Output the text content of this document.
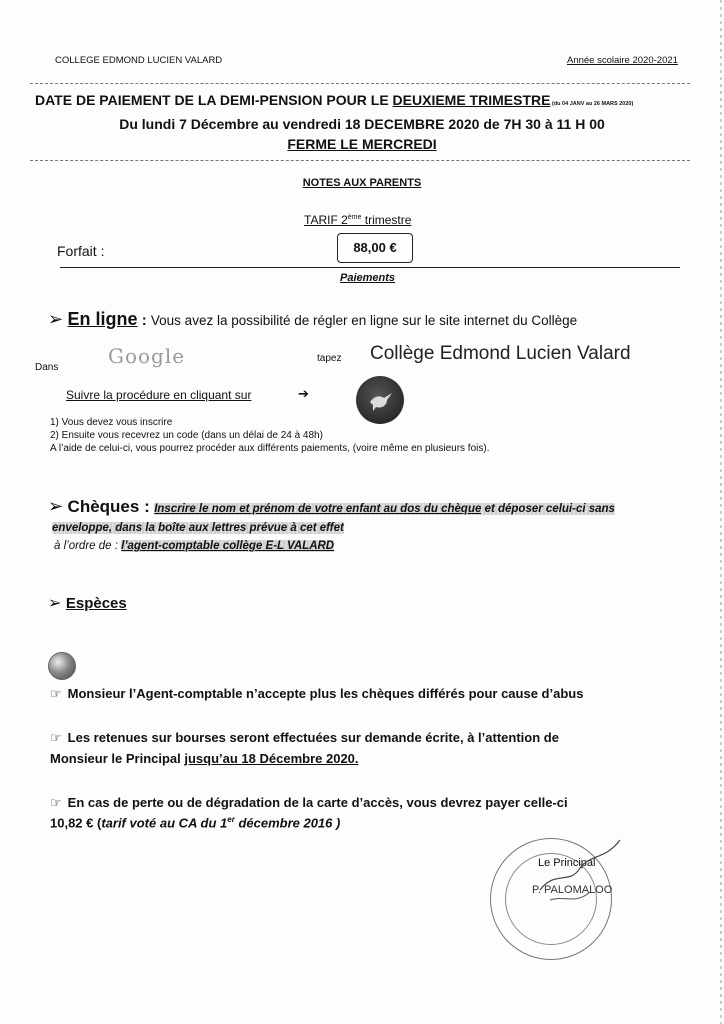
COLLEGE EDMOND LUCIEN VALARD	Année scolaire 2020-2021
DATE DE PAIEMENT DE LA DEMI-PENSION POUR LE DEUXIEME TRIMESTRE (du 04 JANV au 26 MARS 2020)
Du lundi 7 Décembre au vendredi 18 DECEMBRE 2020 de 7H 30 à 11 H 00
FERME LE MERCREDI
NOTES AUX PARENTS
TARIF 2ème trimestre
Forfait :	88,00 €
Paiements
➢ En ligne : Vous avez la possibilité de régler en ligne sur le site internet du Collège
Dans Google	tapez Collège Edmond Lucien Valard
Suivre la procédure en cliquant sur	➔
1) Vous devez vous inscrire
2) Ensuite vous recevrez un code (dans un délai de 24 à 48h)
A l’aide de celui-ci, vous pourrez procéder aux différents paiements, (voire même en plusieurs fois).
➢ Chèques : Inscrire le nom et prénom de votre enfant au dos du chèque et déposer celui-ci sans
enveloppe, dans la boîte aux lettres prévue à cet effet
à l’ordre de : l’agent-comptable collège E-L VALARD
➢ Espèces
☞ Monsieur l’Agent-comptable n’accepte plus les chèques différés pour cause d’abus
☞ Les retenues sur bourses seront effectuées sur demande écrite, à l’attention de
Monsieur le Principal jusqu’au 18 Décembre 2020.
☞ En cas de perte ou de dégradation de la carte d’accès, vous devrez payer celle-ci
10,82 € (tarif voté au CA du 1er décembre 2016 )
Le Principal
P. PALOMALOO
